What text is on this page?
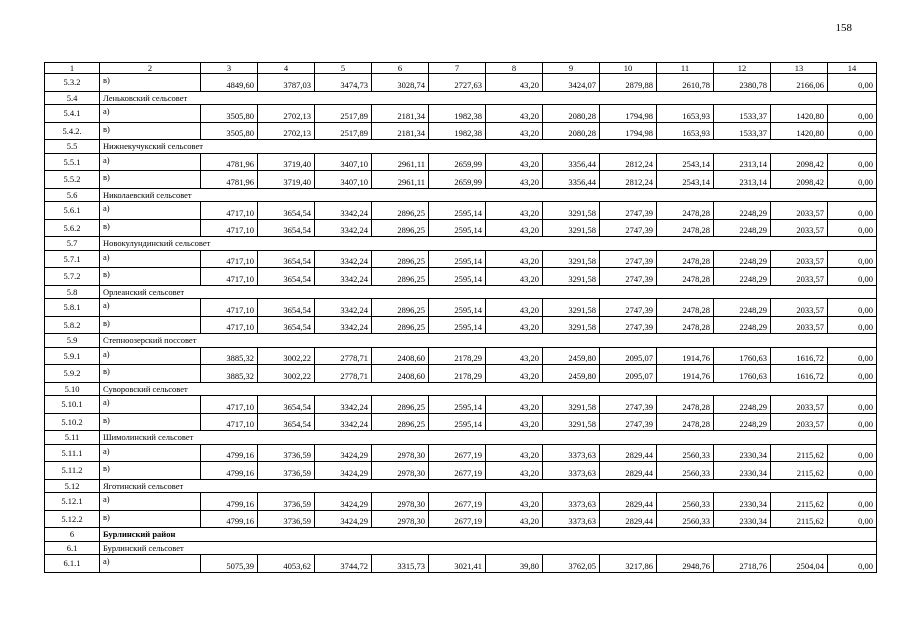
158
1	2	3	4	5	6	7	8	9	10	11	12	13	14
5.3.2	в)	4849,60	3787,03	3474,73	3028,74	2727,63	43,20	3424,07	2879,88	2610,78	2380,78	2166,06	0,00
5.4	Леньковский сельсовет												
5.4.1	а)	3505,80	2702,13	2517,89	2181,34	1982,38	43,20	2080,28	1794,98	1653,93	1533,37	1420,80	0,00
5.4.2.	в)	3505,80	2702,13	2517,89	2181,34	1982,38	43,20	2080,28	1794,98	1653,93	1533,37	1420,80	0,00
5.5	Нижнекучукский сельсовет												
5.5.1	а)	4781,96	3719,40	3407,10	2961,11	2659,99	43,20	3356,44	2812,24	2543,14	2313,14	2098,42	0,00
5.5.2	в)	4781,96	3719,40	3407,10	2961,11	2659,99	43,20	3356,44	2812,24	2543,14	2313,14	2098,42	0,00
5.6	Николаевский сельсовет												
5.6.1	а)	4717,10	3654,54	3342,24	2896,25	2595,14	43,20	3291,58	2747,39	2478,28	2248,29	2033,57	0,00
5.6.2	в)	4717,10	3654,54	3342,24	2896,25	2595,14	43,20	3291,58	2747,39	2478,28	2248,29	2033,57	0,00
5.7	Новокулундинский сельсовет												
5.7.1	а)	4717,10	3654,54	3342,24	2896,25	2595,14	43,20	3291,58	2747,39	2478,28	2248,29	2033,57	0,00
5.7.2	в)	4717,10	3654,54	3342,24	2896,25	2595,14	43,20	3291,58	2747,39	2478,28	2248,29	2033,57	0,00
5.8	Орлеанский сельсовет												
5.8.1	а)	4717,10	3654,54	3342,24	2896,25	2595,14	43,20	3291,58	2747,39	2478,28	2248,29	2033,57	0,00
5.8.2	в)	4717,10	3654,54	3342,24	2896,25	2595,14	43,20	3291,58	2747,39	2478,28	2248,29	2033,57	0,00
5.9	Степноозерский поссовет												
5.9.1	а)	3885,32	3002,22	2778,71	2408,60	2178,29	43,20	2459,80	2095,07	1914,76	1760,63	1616,72	0,00
5.9.2	в)	3885,32	3002,22	2778,71	2408,60	2178,29	43,20	2459,80	2095,07	1914,76	1760,63	1616,72	0,00
5.10	Суворовский сельсовет												
5.10.1	а)	4717,10	3654,54	3342,24	2896,25	2595,14	43,20	3291,58	2747,39	2478,28	2248,29	2033,57	0,00
5.10.2	в)	4717,10	3654,54	3342,24	2896,25	2595,14	43,20	3291,58	2747,39	2478,28	2248,29	2033,57	0,00
5.11	Шимолинский сельсовет												
5.11.1	а)	4799,16	3736,59	3424,29	2978,30	2677,19	43,20	3373,63	2829,44	2560,33	2330,34	2115,62	0,00
5.11.2	в)	4799,16	3736,59	3424,29	2978,30	2677,19	43,20	3373,63	2829,44	2560,33	2330,34	2115,62	0,00
5.12	Яготинский сельсовет												
5.12.1	а)	4799,16	3736,59	3424,29	2978,30	2677,19	43,20	3373,63	2829,44	2560,33	2330,34	2115,62	0,00
5.12.2	в)	4799,16	3736,59	3424,29	2978,30	2677,19	43,20	3373,63	2829,44	2560,33	2330,34	2115,62	0,00
6	Бурлинский район												
6.1	Бурлинский сельсовет												
6.1.1	а)	5075,39	4053,62	3744,72	3315,73	3021,41	39,80	3762,05	3217,86	2948,76	2718,76	2504,04	0,00
